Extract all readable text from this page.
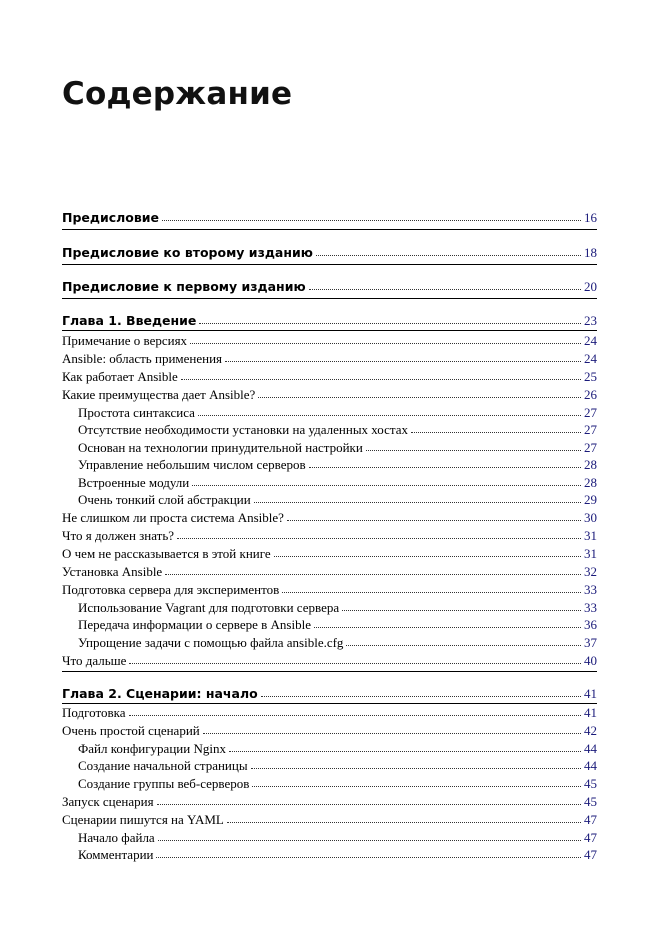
Содержание
Предисловие	16
Предисловие ко второму изданию	18
Предисловие к первому изданию	20
Глава 1. Введение	23
Примечание о версиях	24
Ansible: область применения	24
Как работает Ansible	25
Какие преимущества дает Ansible?	26
Простота синтаксиса	27
Отсутствие необходимости установки на удаленных хостах	27
Основан на технологии принудительной настройки	27
Управление небольшим числом серверов	28
Встроенные модули	28
Очень тонкий слой абстракции	29
Не слишком ли проста система Ansible?	30
Что я должен знать?	31
О чем не рассказывается в этой книге	31
Установка Ansible	32
Подготовка сервера для экспериментов	33
Использование Vagrant для подготовки сервера	33
Передача информации о сервере в Ansible	36
Упрощение задачи с помощью файла ansible.cfg	37
Что дальше	40
Глава 2. Сценарии: начало	41
Подготовка	41
Очень простой сценарий	42
Файл конфигурации Nginx	44
Создание начальной страницы	44
Создание группы веб-серверов	45
Запуск сценария	45
Сценарии пишутся на YAML	47
Начало файла	47
Комментарии	47
